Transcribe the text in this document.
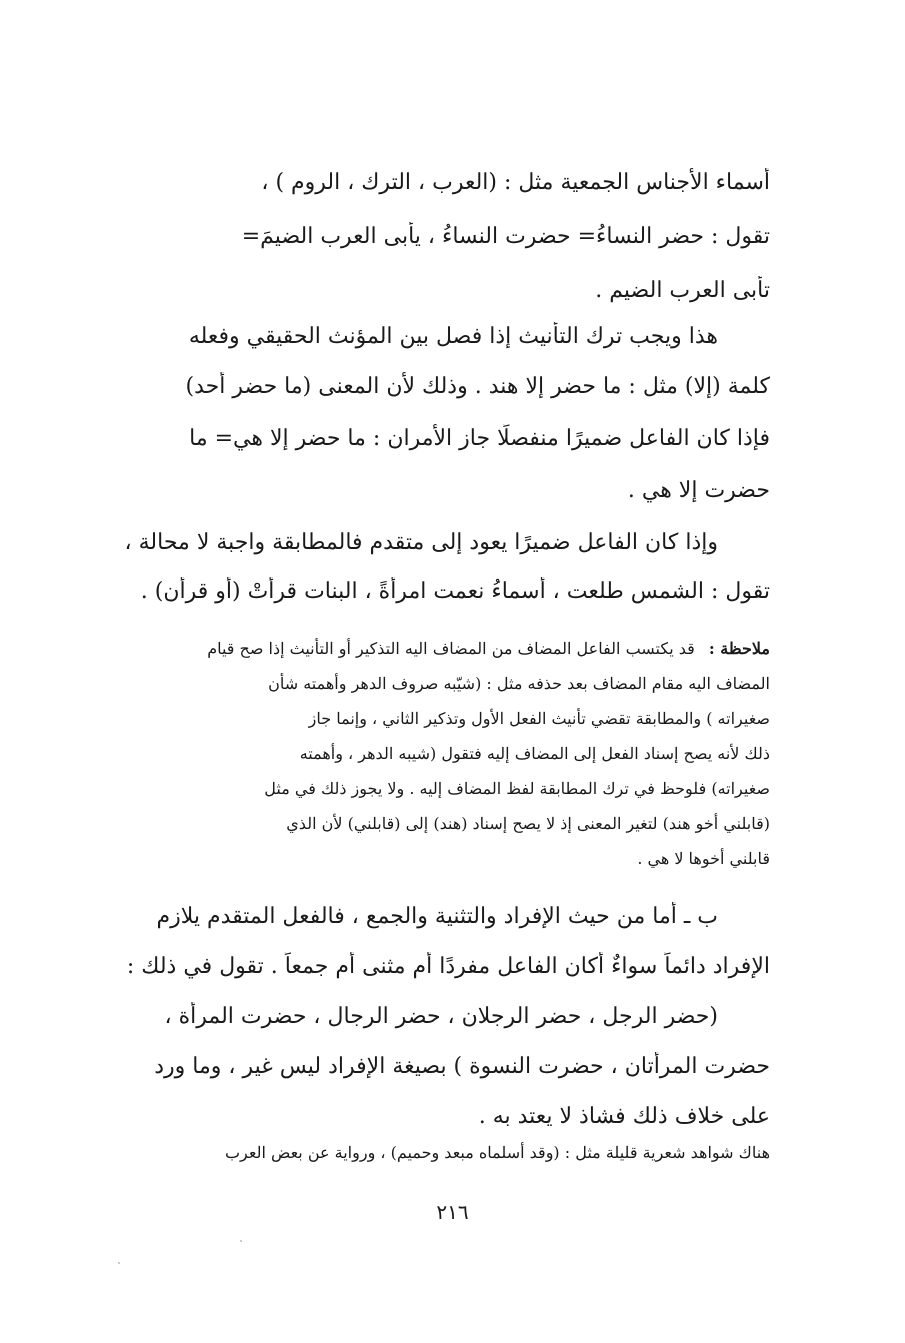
أسماء الأجناس الجمعية مثل : (العرب ، الترك ، الروم ) ،
تقول : حضر النساءُ= حضرت النساءُ ، يأبى العرب الضيمَ=
تأبى العرب الضيم .
هذا ويجب ترك التأنيث إذا فصل بين المؤنث الحقيقي وفعله
كلمة (إلا) مثل : ما حضر إلا هند . وذلك لأن المعنى (ما حضر أحد)
فإذا كان الفاعل ضميرًا منفصلًا جاز الأمران : ما حضر إلا هي= ما
حضرت إلا هي .
وإذا كان الفاعل ضميرًا يعود إلى متقدم فالمطابقة واجبة لا محالة ،
تقول : الشمس طلعت ، أسماءُ نعمت امرأةً ، البنات قرأتْ (أو قرأن) .
ملاحظة :قد يكتسب الفاعل المضاف من المضاف اليه التذكير أو التأنيث إذا صح قيام
المضاف اليه مقام المضاف بعد حذفه مثل : (شيّبه صروف الدهر وأهمته شأن
صغيراته ) والمطابقة تقضي تأنيث الفعل الأول وتذكير الثاني ، وإنما جاز
ذلك لأنه يصح إسناد الفعل إلى المضاف إليه فتقول (شيبه الدهر ، وأهمته
صغيراته) فلوحظ في ترك المطابقة لفظ المضاف إليه . ولا يجوز ذلك في مثل
(قابلني أخو هند) لتغير المعنى إذ لا يصح إسناد (هند) إلى (قابلني) لأن الذي
قابلني أخوها لا هي .
ب ـ أما من حيث الإفراد والتثنية والجمع ، فالفعل المتقدم يلازم
الإفراد دائماً سواءٌ أكان الفاعل مفردًا أم مثنى أم جمعاً . تقول في ذلك :
(حضر الرجل ، حضر الرجلان ، حضر الرجال ، حضرت المرأة ،
حضرت المرأتان ، حضرت النسوة ) بصيغة الإفراد ليس غير ، وما ورد
على خلاف ذلك فشاذ لا يعتد به .
هناك شواهد شعرية قليلة مثل : (وقد أسلماه مبعد وحميم) ، ورواية عن بعض العرب
٢١٦
